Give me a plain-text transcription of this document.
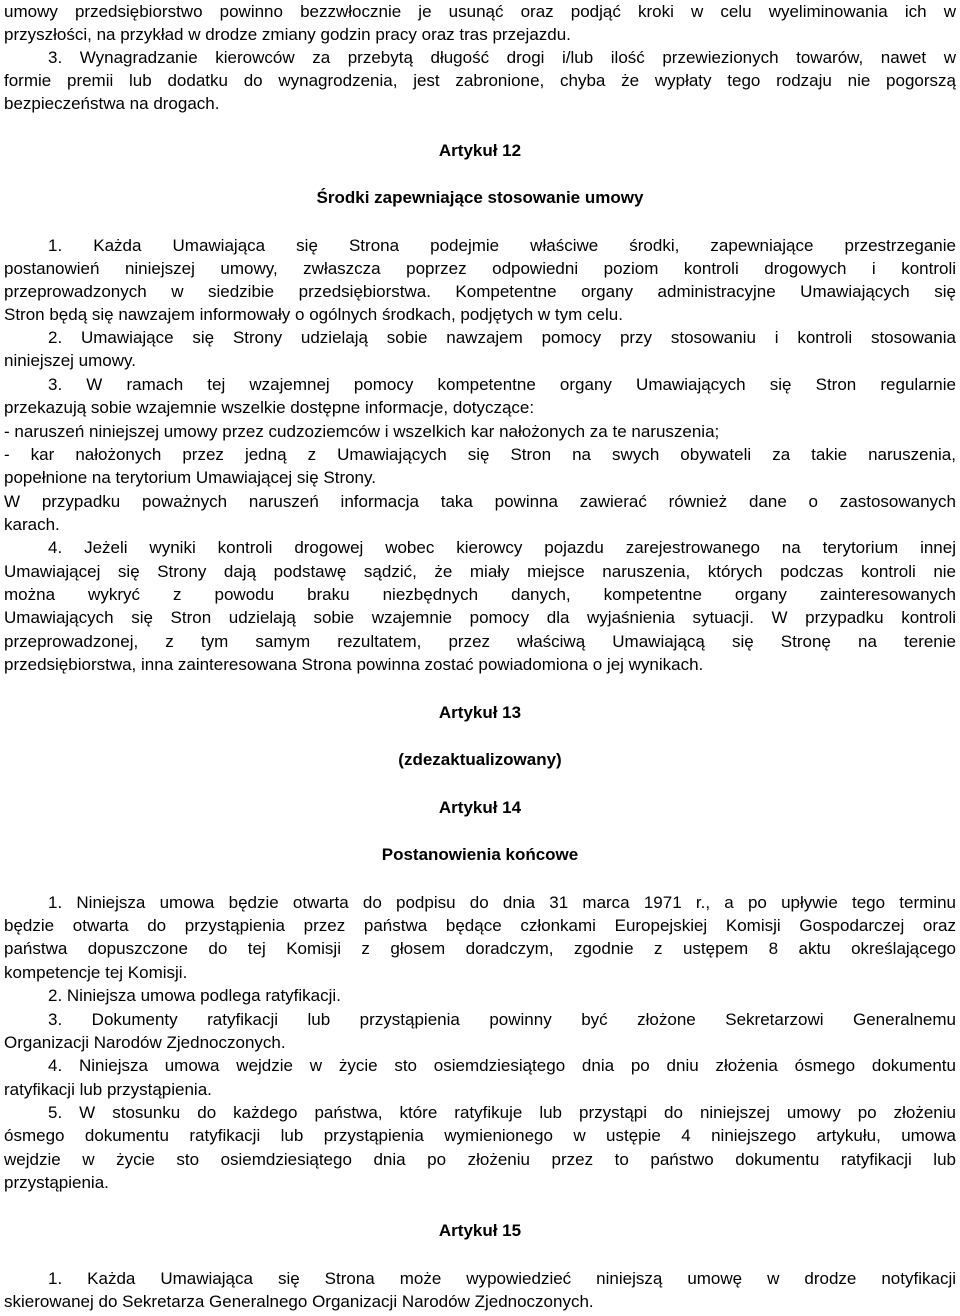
umowy przedsiębiorstwo powinno bezzwłocznie je usunąć oraz podjąć kroki w celu wyeliminowania ich w
przyszłości, na przykład w drodze zmiany godzin pracy oraz tras przejazdu.
3. Wynagradzanie kierowców za przebytą długość drogi i/lub ilość przewiezionych towarów, nawet w
formie premii lub dodatku do wynagrodzenia, jest zabronione, chyba że wypłaty tego rodzaju nie pogorszą
bezpieczeństwa na drogach.
Artykuł 12
Środki zapewniające stosowanie umowy
1. Każda Umawiająca się Strona podejmie właściwe środki, zapewniające przestrzeganie
postanowień niniejszej umowy, zwłaszcza poprzez odpowiedni poziom kontroli drogowych i kontroli
przeprowadzonych w siedzibie przedsiębiorstwa. Kompetentne organy administracyjne Umawiających się
Stron będą się nawzajem informowały o ogólnych środkach, podjętych w tym celu.
2. Umawiające się Strony udzielają sobie nawzajem pomocy przy stosowaniu i kontroli stosowania
niniejszej umowy.
3. W ramach tej wzajemnej pomocy kompetentne organy Umawiających się Stron regularnie
przekazują sobie wzajemnie wszelkie dostępne informacje, dotyczące:
- naruszeń niniejszej umowy przez cudzoziemców i wszelkich kar nałożonych za te naruszenia;
- kar nałożonych przez jedną z Umawiających się Stron na swych obywateli za takie naruszenia,
popełnione na terytorium Umawiającej się Strony.
W przypadku poważnych naruszeń informacja taka powinna zawierać również dane o zastosowanych
karach.
4. Jeżeli wyniki kontroli drogowej wobec kierowcy pojazdu zarejestrowanego na terytorium innej
Umawiającej się Strony dają podstawę sądzić, że miały miejsce naruszenia, których podczas kontroli nie
można wykryć z powodu braku niezbędnych danych, kompetentne organy zainteresowanych
Umawiających się Stron udzielają sobie wzajemnie pomocy dla wyjaśnienia sytuacji. W przypadku kontroli
przeprowadzonej, z tym samym rezultatem, przez właściwą Umawiającą się Stronę na terenie
przedsiębiorstwa, inna zainteresowana Strona powinna zostać powiadomiona o jej wynikach.
Artykuł 13
(zdezaktualizowany)
Artykuł 14
Postanowienia końcowe
1. Niniejsza umowa będzie otwarta do podpisu do dnia 31 marca 1971 r., a po upływie tego terminu
będzie otwarta do przystąpienia przez państwa będące członkami Europejskiej Komisji Gospodarczej oraz
państwa dopuszczone do tej Komisji z głosem doradczym, zgodnie z ustępem 8 aktu określającego
kompetencje tej Komisji.
2. Niniejsza umowa podlega ratyfikacji.
3. Dokumenty ratyfikacji lub przystąpienia powinny być złożone Sekretarzowi Generalnemu
Organizacji Narodów Zjednoczonych.
4. Niniejsza umowa wejdzie w życie sto osiemdziesiątego dnia po dniu złożenia ósmego dokumentu
ratyfikacji lub przystąpienia.
5. W stosunku do każdego państwa, które ratyfikuje lub przystąpi do niniejszej umowy po złożeniu
ósmego dokumentu ratyfikacji lub przystąpienia wymienionego w ustępie 4 niniejszego artykułu, umowa
wejdzie w życie sto osiemdziesiątego dnia po złożeniu przez to państwo dokumentu ratyfikacji lub
przystąpienia.
Artykuł 15
1. Każda Umawiająca się Strona może wypowiedzieć niniejszą umowę w drodze notyfikacji
skierowanej do Sekretarza Generalnego Organizacji Narodów Zjednoczonych.
